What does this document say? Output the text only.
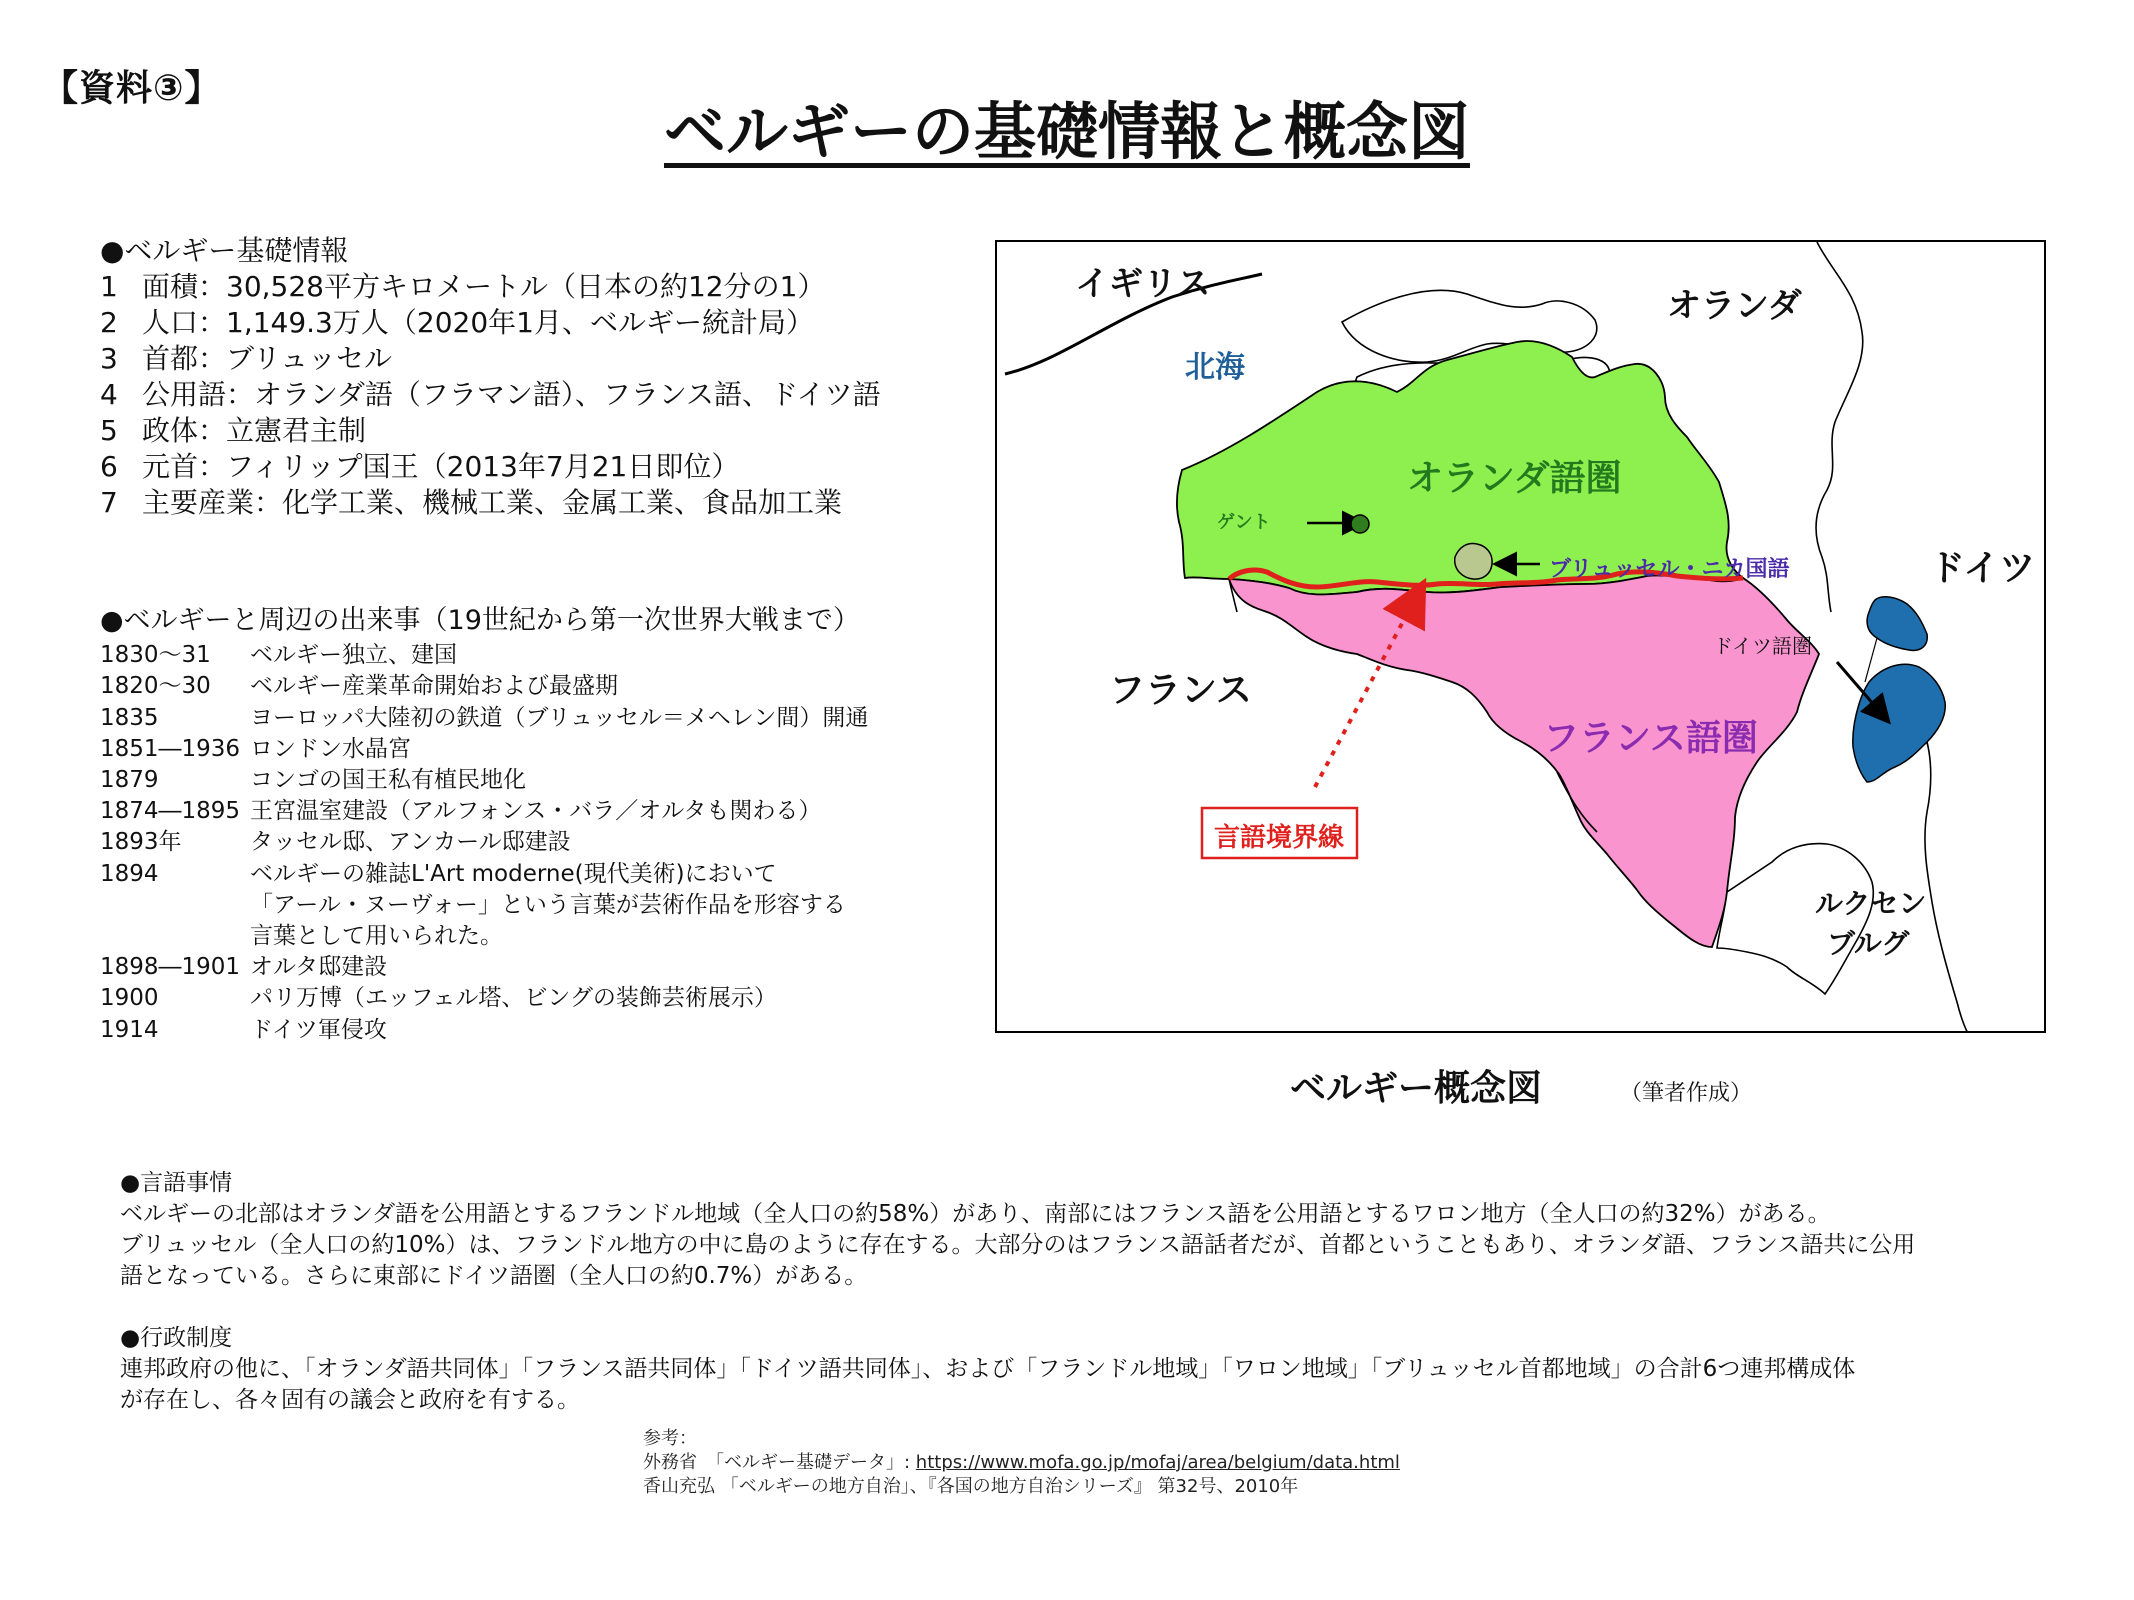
【資料③】
ベルギーの基礎情報と概念図
●ベルギー基礎情報
1 面積：30,528平方キロメートル（日本の約12分の1）
2 人口：1,149.3万人（2020年1月、ベルギー統計局）
3 首都：ブリュッセル
4 公用語：オランダ語（フラマン語）、フランス語、ドイツ語
5 政体：立憲君主制
6 元首：フィリップ国王（2013年7月21日即位）
7 主要産業：化学工業、機械工業、金属工業、食品加工業
●ベルギーと周辺の出来事（19世紀から第一次世界大戦まで）
1830～31	ベルギー独立、建国
1820～30	ベルギー産業革命開始および最盛期
1835	ヨーロッパ大陸初の鉄道（ブリュッセル＝メヘレン間）開通
1851―1936 ロンドン水晶宮
1879	コンゴの国王私有植民地化
1874―1895 王宮温室建設（アルフォンス・バラ／オルタも関わる）
1893年	タッセル邸、アンカール邸建設
1894	ベルギーの雑誌L'Art moderne(現代美術)において
「アール・ヌーヴォー」という言葉が芸術作品を形容する
言葉として用いられた。
1898―1901 オルタ邸建設
1900	パリ万博（エッフェル塔、ビングの装飾芸術展示）
1914	ドイツ軍侵攻
イギリス
オランダ
北海
オランダ語圏
ゲント
ブリュッセル・ニカ国語	ドイツ
ドイツ語圏
フランス
フランス語圏
言語境界線
ルクセン
ブルグ
ベルギー概念図	（筆者作成）
●言語事情
ベルギーの北部はオランダ語を公用語とするフランドル地域（全人口の約58%）があり、南部にはフランス語を公用語とするワロン地方（全人口の約32%）がある。
ブリュッセル（全人口の約10%）は、フランドル地方の中に島のように存在する。大部分のはフランス語話者だが、首都ということもあり、オランダ語、フランス語共に公用
語となっている。さらに東部にドイツ語圏（全人口の約0.7%）がある。
●行政制度
連邦政府の他に、「オランダ語共同体」「フランス語共同体」「ドイツ語共同体」、および「フランドル地域」「ワロン地域」「ブリュッセル首都地域」の合計6つ連邦構成体
が存在し、各々固有の議会と政府を有する。
参考：
外務省　「ベルギー基礎データ」: https://www.mofa.go.jp/mofaj/area/belgium/data.html
香山充弘 「ベルギーの地方自治」、『各国の地方自治シリーズ』 第32号、2010年
